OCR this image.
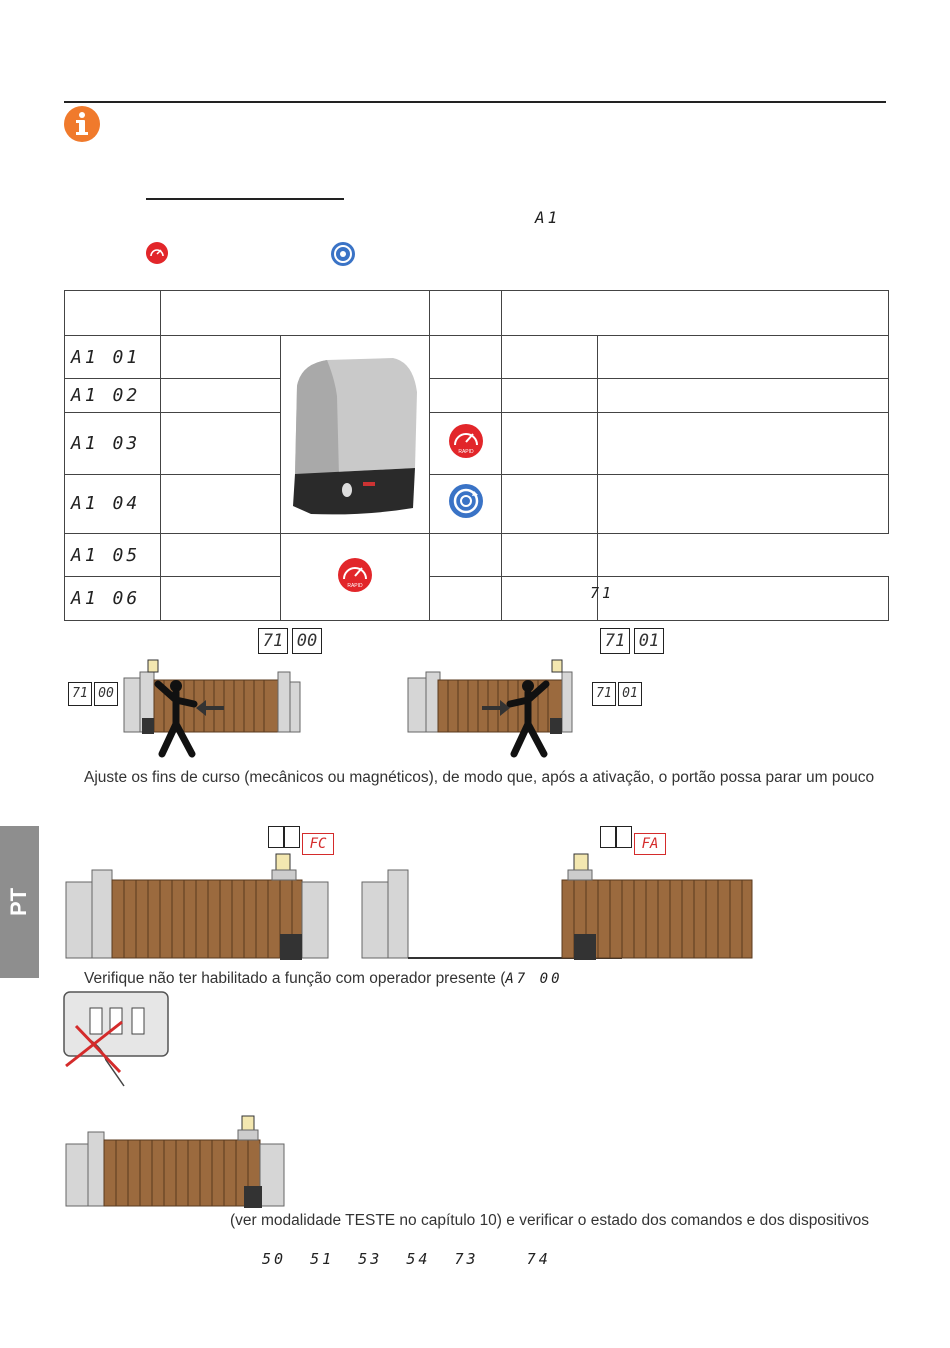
A1

A1 01					
A1 02					
A1 03			RAPID		

A1 04				
A1 05		RAPID			

A1 06						71
71 00	71 01
71 00	71 01
Ajuste os fins de curso (mecânicos ou magnéticos), de modo que, após a ativação, o portão possa parar um pouco
FC	FA
Verifique não ter habilitado a função com operador presente (A7 00
(ver modalidade TESTE no capítulo 10) e verificar o estado dos comandos e dos dispositivos
50  51  53  54  73    74
PT
